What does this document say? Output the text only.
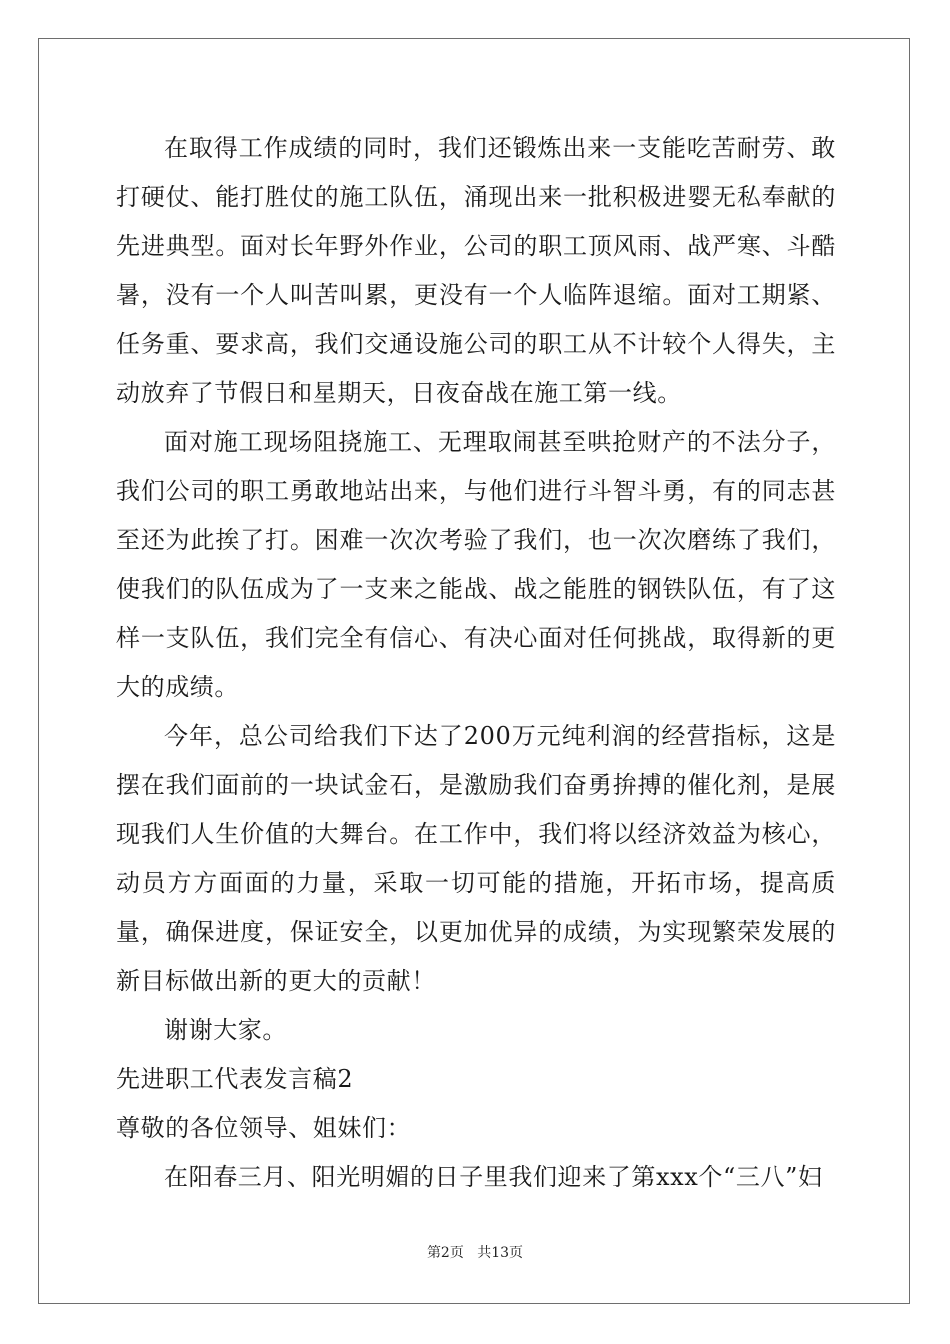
在取得工作成绩的同时，我们还锻炼出来一支能吃苦耐劳、敢打硬仗、能打胜仗的施工队伍，涌现出来一批积极进婴无私奉献的先进典型。面对长年野外作业，公司的职工顶风雨、战严寒、斗酷暑，没有一个人叫苦叫累，更没有一个人临阵退缩。面对工期紧、任务重、要求高，我们交通设施公司的职工从不计较个人得失，主动放弃了节假日和星期天，日夜奋战在施工第一线。

面对施工现场阻挠施工、无理取闹甚至哄抢财产的不法分子，我们公司的职工勇敢地站出来，与他们进行斗智斗勇，有的同志甚至还为此挨了打。困难一次次考验了我们，也一次次磨练了我们，使我们的队伍成为了一支来之能战、战之能胜的钢铁队伍，有了这样一支队伍，我们完全有信心、有决心面对任何挑战，取得新的更大的成绩。

今年，总公司给我们下达了200万元纯利润的经营指标，这是摆在我们面前的一块试金石，是激励我们奋勇拚搏的催化剂，是展现我们人生价值的大舞台。在工作中，我们将以经济效益为核心，动员方方面面的力量，采取一切可能的措施，开拓市场，提高质量，确保进度，保证安全，以更加优异的成绩，为实现繁荣发展的新目标做出新的更大的贡献！

谢谢大家。

先进职工代表发言稿2

尊敬的各位领导、姐妹们：

在阳春三月、阳光明媚的日子里我们迎来了第xxx个“三八”妇

第2页 共13页
